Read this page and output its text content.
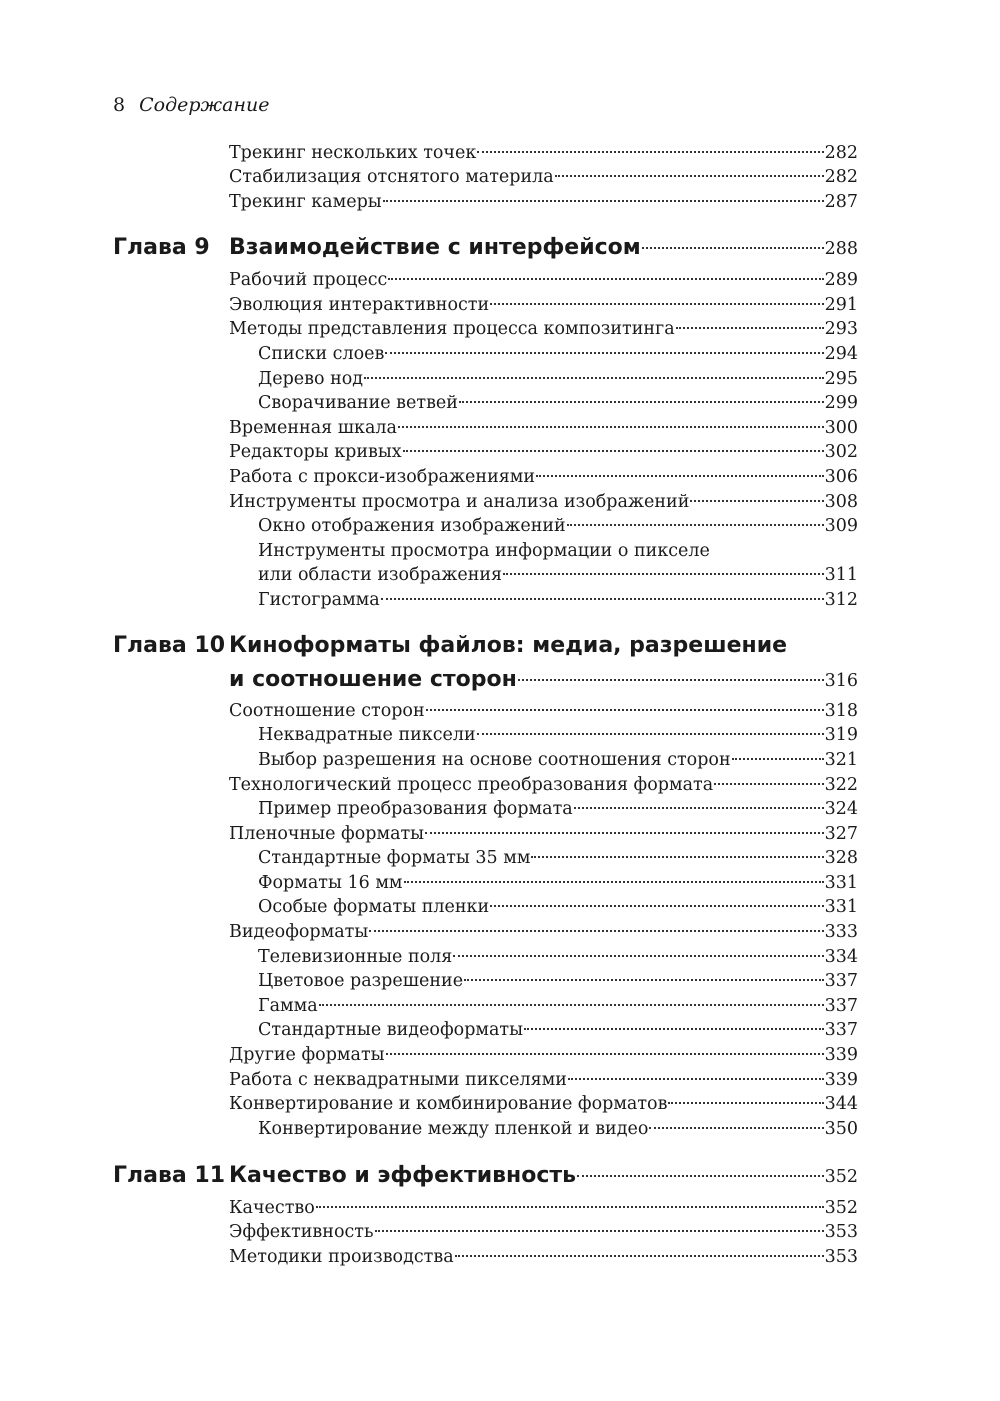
8 Содержание
Трекинг нескольких точек	282
Стабилизация отснятого материла	282
Трекинг камеры	287
Глава 9 Взаимодействие с интерфейсом	288
Рабочий процесс	289
Эволюция интерактивности	291
Методы представления процесса композитинга	293
Списки слоев	294
Дерево нод	295
Сворачивание ветвей	299
Временная шкала	300
Редакторы кривых	302
Работа с прокси-изображениями	306
Инструменты просмотра и анализа изображений	308
Окно отображения изображений	309
Инструменты просмотра информации о пикселе
или области изображения	311
Гистограмма	312
Глава 10 Киноформаты файлов: медиа, разрешение
и соотношение сторон	316
Соотношение сторон	318
Неквадратные пиксели	319
Выбор разрешения на основе соотношения сторон	321
Технологический процесс преобразования формата	322
Пример преобразования формата	324
Пленочные форматы	327
Стандартные форматы 35 мм	328
Форматы 16 мм	331
Особые форматы пленки	331
Видеоформаты	333
Телевизионные поля	334
Цветовое разрешение	337
Гамма	337
Стандартные видеоформаты	337
Другие форматы	339
Работа с неквадратными пикселями	339
Конвертирование и комбинирование форматов	344
Конвертирование между пленкой и видео	350
Глава 11 Качество и эффективность	352
Качество	352
Эффективность	353
Методики производства	353
